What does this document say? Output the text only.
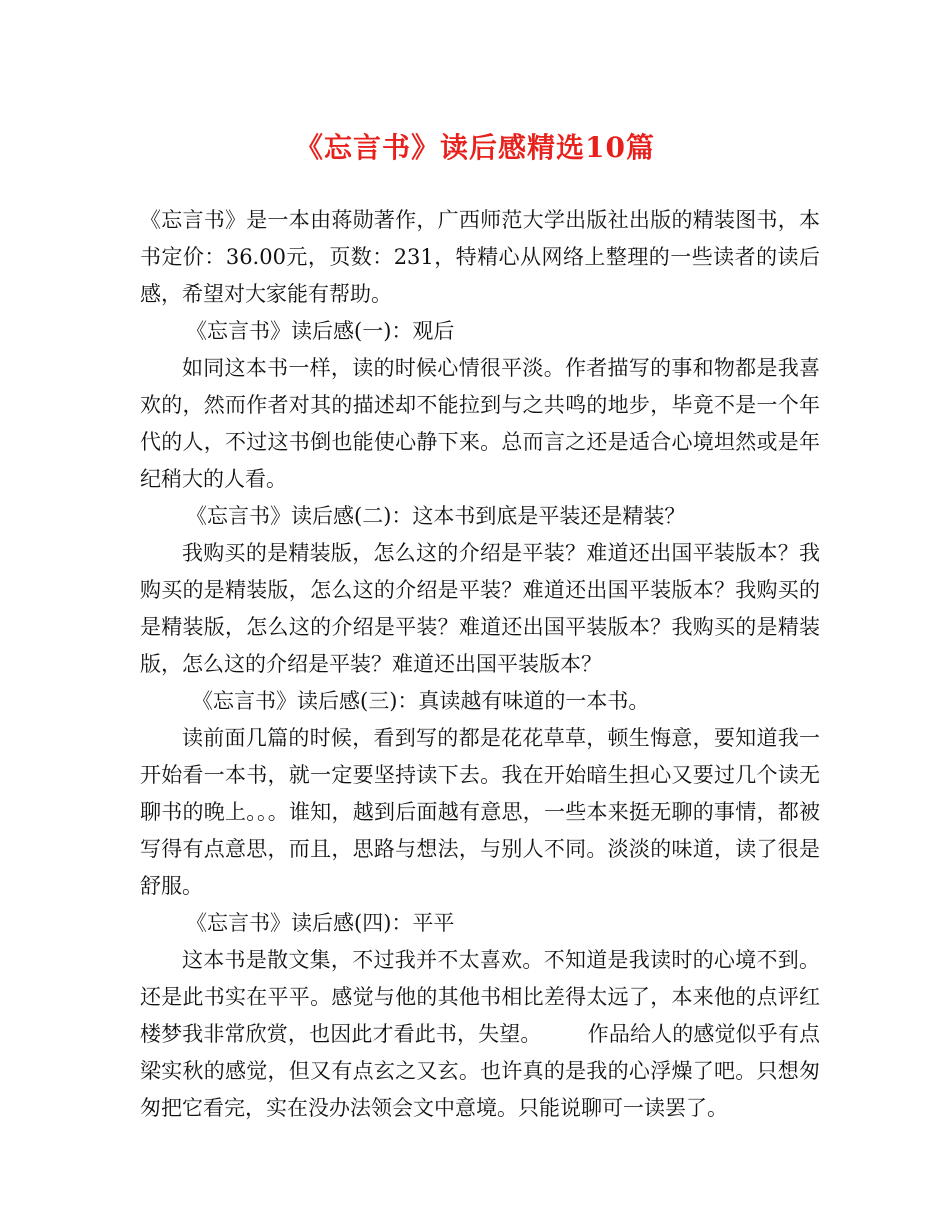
《忘言书》读后感精选10篇

《忘言书》是一本由蒋勋著作，广西师范大学出版社出版的精装图书，本书定价：36.00元，页数：231，特精心从网络上整理的一些读者的读后感，希望对大家能有帮助。

《忘言书》读后感(一)：观后

如同这本书一样，读的时候心情很平淡。作者描写的事和物都是我喜欢的，然而作者对其的描述却不能拉到与之共鸣的地步，毕竟不是一个年代的人，不过这书倒也能使心静下来。总而言之还是适合心境坦然或是年纪稍大的人看。

《忘言书》读后感(二)：这本书到底是平装还是精装？

我购买的是精装版，怎么这的介绍是平装？难道还出国平装版本？我购买的是精装版，怎么这的介绍是平装？难道还出国平装版本？我购买的是精装版，怎么这的介绍是平装？难道还出国平装版本？我购买的是精装版，怎么这的介绍是平装？难道还出国平装版本？

《忘言书》读后感(三)：真读越有味道的一本书。

读前面几篇的时候，看到写的都是花花草草，顿生悔意，要知道我一开始看一本书，就一定要坚持读下去。我在开始暗生担心又要过几个读无聊书的晚上。。。谁知，越到后面越有意思，一些本来挺无聊的事情，都被写得有点意思，而且，思路与想法，与别人不同。淡淡的味道，读了很是舒服。

《忘言书》读后感(四)：平平

这本书是散文集，不过我并不太喜欢。不知道是我读时的心境不到。还是此书实在平平。感觉与他的其他书相比差得太远了，本来他的点评红楼梦我非常欣赏，也因此才看此书，失望。 作品给人的感觉似乎有点梁实秋的感觉，但又有点玄之又玄。也许真的是我的心浮燥了吧。只想匆匆把它看完，实在没办法领会文中意境。只能说聊可一读罢了。
